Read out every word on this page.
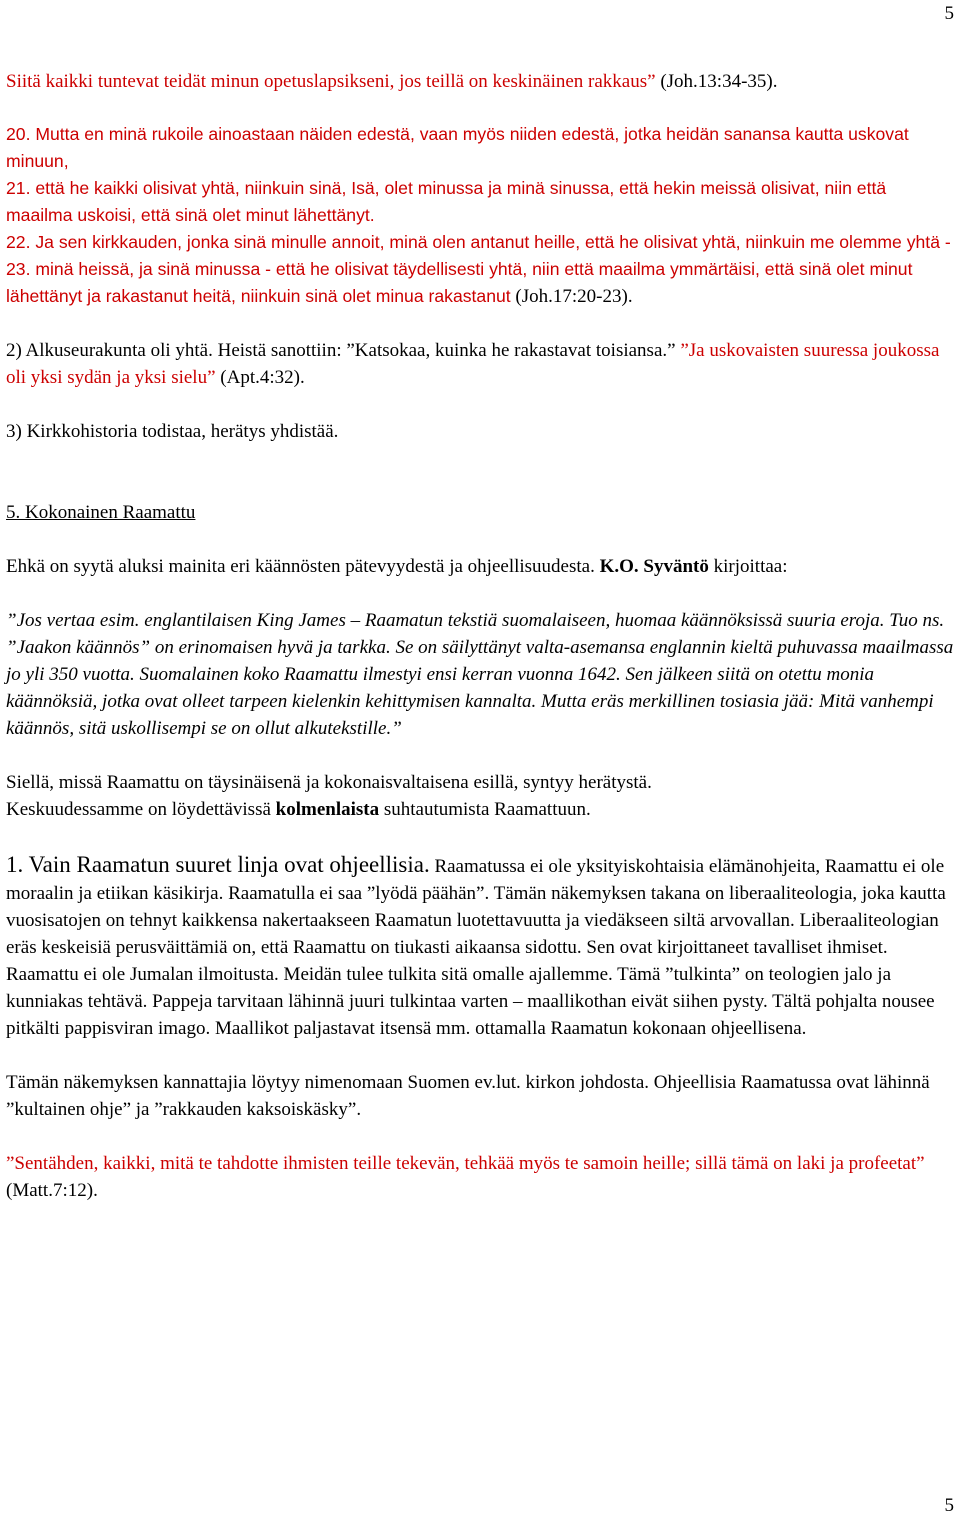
5

Siitä kaikki tuntevat teidät minun opetuslapsikseni, jos teillä on keskinäinen rakkaus” (Joh.13:34-35).

20. Mutta en minä rukoile ainoastaan näiden edestä, vaan myös niiden edestä, jotka heidän sanansa kautta uskovat minuun,

21. että he kaikki olisivat yhtä, niinkuin sinä, Isä, olet minussa ja minä sinussa, että hekin meissä olisivat, niin että maailma uskoisi, että sinä olet minut lähettänyt.

22. Ja sen kirkkauden, jonka sinä minulle annoit, minä olen antanut heille, että he olisivat yhtä, niinkuin me olemme yhtä -

23. minä heissä, ja sinä minussa - että he olisivat täydellisesti yhtä, niin että maailma ymmärtäisi, että sinä olet minut lähettänyt ja rakastanut heitä, niinkuin sinä olet minua rakastanut (Joh.17:20-23).

2) Alkuseurakunta oli yhtä. Heistä sanottiin: ”Katsokaa, kuinka he rakastavat toisiansa.” ”Ja uskovaisten suuressa joukossa oli yksi sydän ja yksi sielu” (Apt.4:32).

3) Kirkkohistoria todistaa, herätys yhdistää.

5. Kokonainen Raamattu

Ehkä on syytä aluksi mainita eri käännösten pätevyydestä ja ohjeellisuudesta. K.O. Syväntö kirjoittaa:

”Jos vertaa esim. englantilaisen King James – Raamatun tekstiä suomalaiseen, huomaa käännöksissä suuria eroja. Tuo ns. ”Jaakon käännös” on erinomaisen hyvä ja tarkka. Se on säilyttänyt valta-asemansa englannin kieltä puhuvassa maailmassa jo yli 350 vuotta. Suomalainen koko Raamattu ilmestyi ensi kerran vuonna 1642. Sen jälkeen siitä on otettu monia käännöksiä, jotka ovat olleet tarpeen kielenkin kehittymisen kannalta. Mutta eräs merkillinen tosiasia jää: Mitä vanhempi käännös, sitä uskollisempi se on ollut alkutekstille.”

Siellä, missä Raamattu on täysinäisenä ja kokonaisvaltaisena esillä, syntyy herätystä.

Keskuudessamme on löydettävissä kolmenlaista suhtautumista Raamattuun.

1. Vain Raamatun suuret linja ovat ohjeellisia. Raamatussa ei ole yksityiskohtaisia elämänohjeita, Raamattu ei ole moraalin ja etiikan käsikirja. Raamatulla ei saa ”lyödä päähän”. Tämän näkemyksen takana on liberaaliteologia, joka kautta vuosisatojen on tehnyt kaikkensa nakertaakseen Raamatun luotettavuutta ja viedäkseen siltä arvovallan. Liberaaliteologian eräs keskeisiä perusväittämiä on, että Raamattu on tiukasti aikaansa sidottu. Sen ovat kirjoittaneet tavalliset ihmiset. Raamattu ei ole Jumalan ilmoitusta. Meidän tulee tulkita sitä omalle ajallemme. Tämä ”tulkinta” on teologien jalo ja kunniakas tehtävä. Pappeja tarvitaan lähinnä juuri tulkintaa varten – maallikothan eivät siihen pysty. Tältä pohjalta nousee pitkälti pappisviran imago. Maallikot paljastavat itsensä mm. ottamalla Raamatun kokonaan ohjeellisena.

Tämän näkemyksen kannattajia löytyy nimenomaan Suomen ev.lut. kirkon johdosta. Ohjeellisia Raamatussa ovat lähinnä ”kultainen ohje” ja ”rakkauden kaksoiskäsky”.

”Sentähden, kaikki, mitä te tahdotte ihmisten teille tekevän, tehkää myös te samoin heille; sillä tämä on laki ja profeetat” (Matt.7:12).

5
